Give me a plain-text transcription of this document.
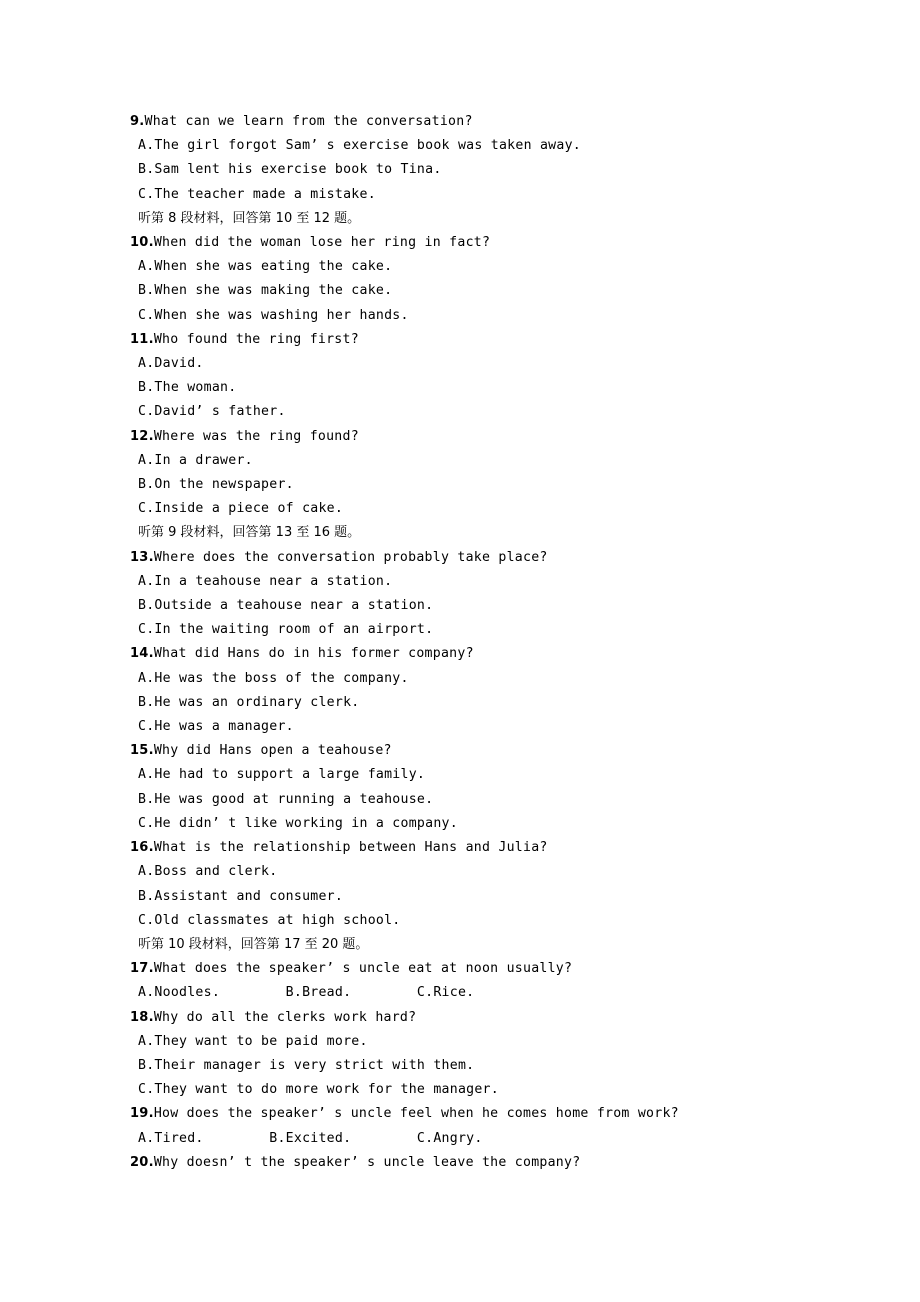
9.What can we learn from the conversation?
A.The girl forgot Sam’ s exercise book was taken away.
B.Sam lent his exercise book to Tina.
C.The teacher made a mistake.
听第 8 段材料，回答第 10 至 12 题。
10.When did the woman lose her ring in fact?
A.When she was eating the cake.
B.When she was making the cake.
C.When she was washing her hands.
11.Who found the ring first?
A.David.
B.The woman.
C.David’ s father.
12.Where was the ring found?
A.In a drawer.
B.On the newspaper.
C.Inside a piece of cake.
听第 9 段材料，回答第 13 至 16 题。
13.Where does the conversation probably take place?
A.In a teahouse near a station.
B.Outside a teahouse near a station.
C.In the waiting room of an airport.
14.What did Hans do in his former company?
A.He was the boss of the company.
B.He was an ordinary clerk.
C.He was a manager.
15.Why did Hans open a teahouse?
A.He had to support a large family.
B.He was good at running a teahouse.
C.He didn’ t like working in a company.
16.What is the relationship between Hans and Julia?
A.Boss and clerk.
B.Assistant and consumer.
C.Old classmates at high school.
听第 10 段材料，回答第 17 至 20 题。
17.What does the speaker’ s uncle eat at noon usually?
A.Noodles.        B.Bread.        C.Rice.
18.Why do all the clerks work hard?
A.They want to be paid more.
B.Their manager is very strict with them.
C.They want to do more work for the manager.
19.How does the speaker’ s uncle feel when he comes home from work?
A.Tired.        B.Excited.        C.Angry.
20.Why doesn’ t the speaker’ s uncle leave the company?
